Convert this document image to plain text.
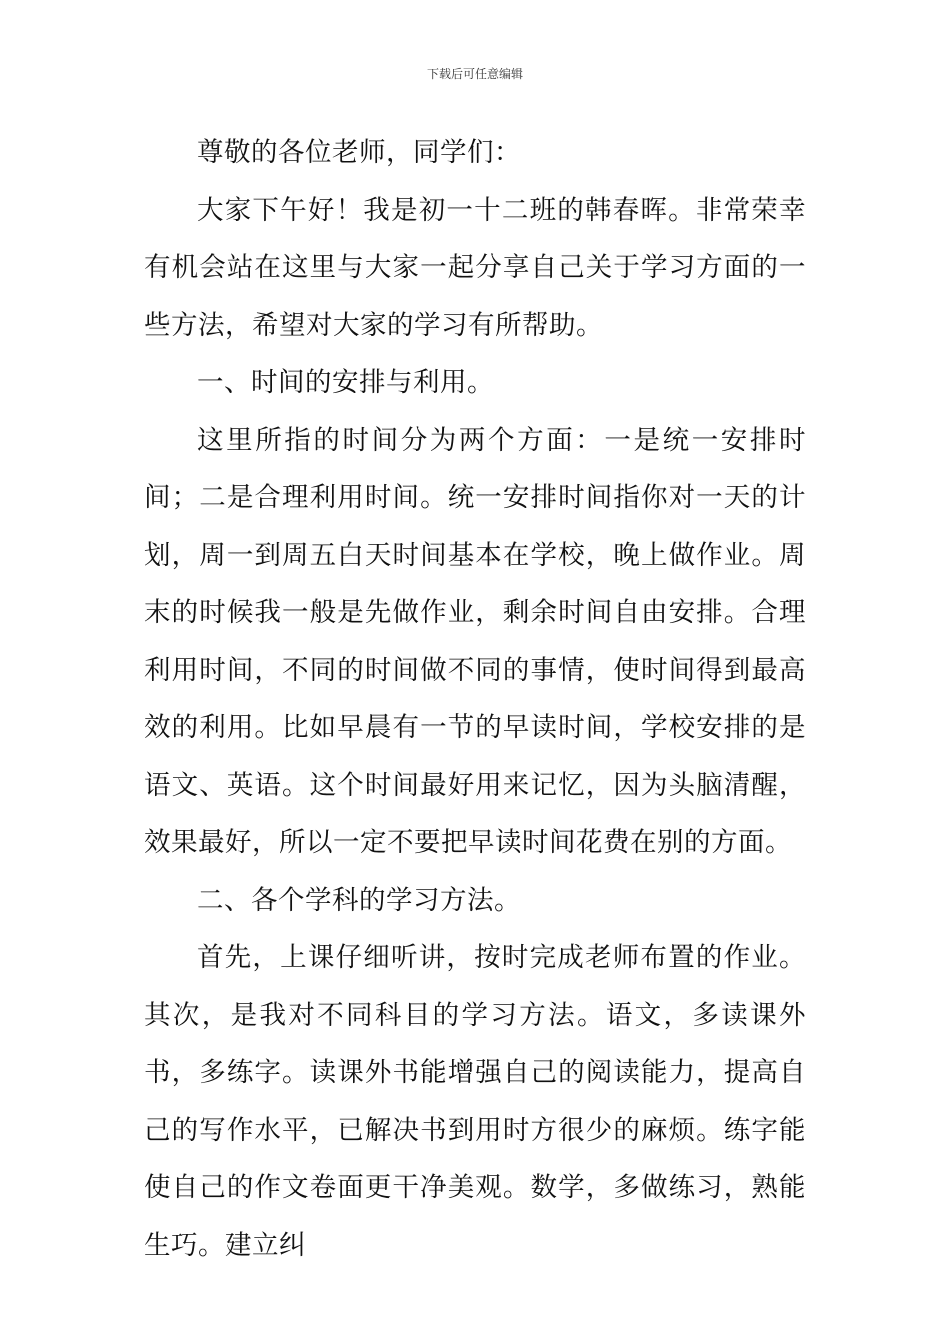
下载后可任意编辑

尊敬的各位老师，同学们：

大家下午好！我是初一十二班的韩春晖。非常荣幸有机会站在这里与大家一起分享自己关于学习方面的一些方法，希望对大家的学习有所帮助。

一、时间的安排与利用。

这里所指的时间分为两个方面：一是统一安排时间；二是合理利用时间。统一安排时间指你对一天的计划，周一到周五白天时间基本在学校，晚上做作业。周末的时候我一般是先做作业，剩余时间自由安排。合理利用时间，不同的时间做不同的事情，使时间得到最高效的利用。比如早晨有一节的早读时间，学校安排的是语文、英语。这个时间最好用来记忆，因为头脑清醒，效果最好，所以一定不要把早读时间花费在别的方面。

二、各个学科的学习方法。

首先，上课仔细听讲，按时完成老师布置的作业。其次，是我对不同科目的学习方法。语文，多读课外书，多练字。读课外书能增强自己的阅读能力，提高自己的写作水平，已解决书到用时方很少的麻烦。练字能使自己的作文卷面更干净美观。数学，多做练习，熟能生巧。建立纠
